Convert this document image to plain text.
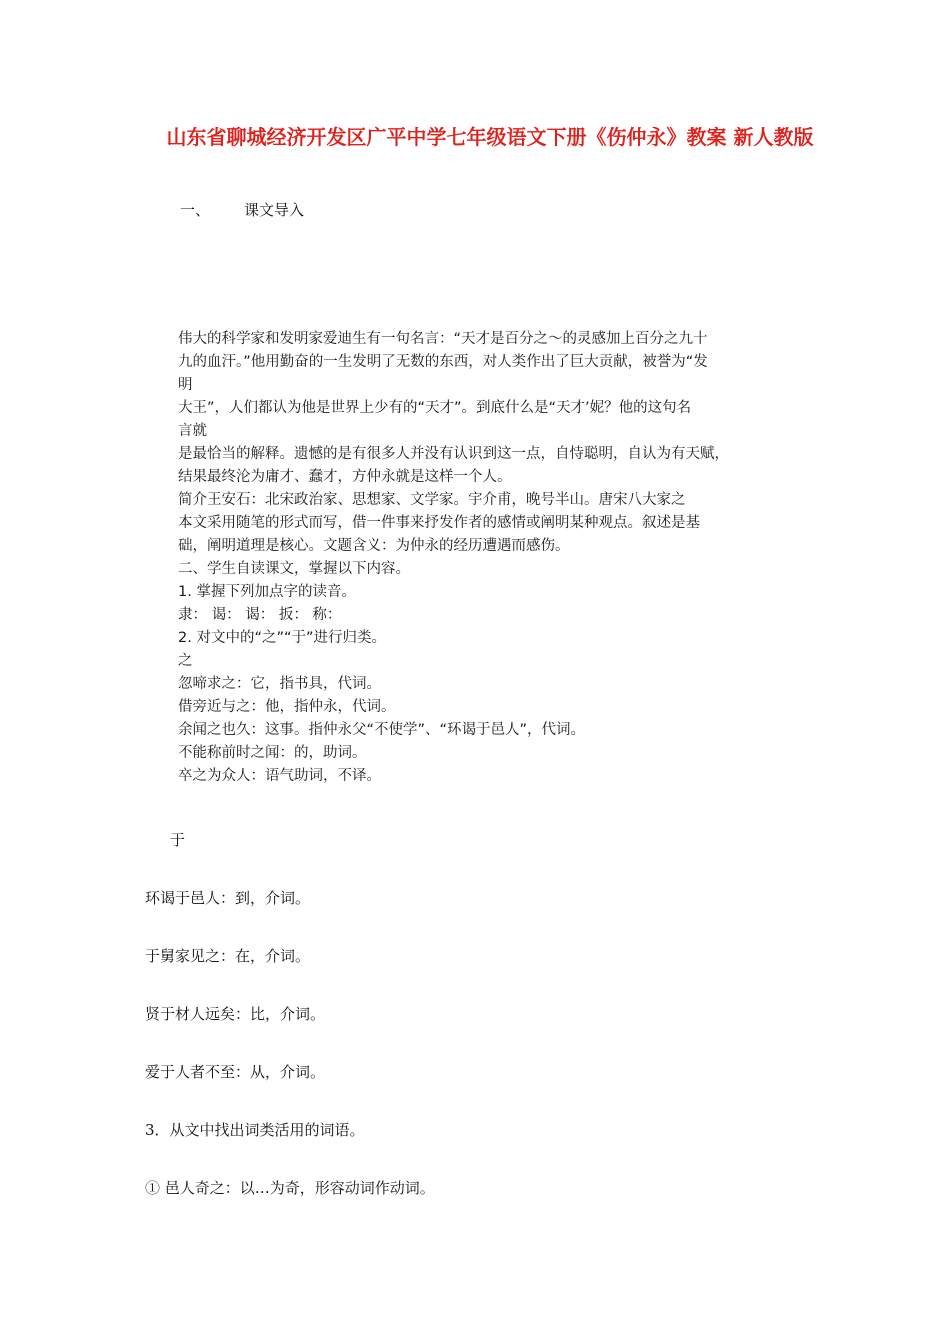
山东省聊城经济开发区广平中学七年级语文下册《伤仲永》教案 新人教版
一、 课文导入
伟大的科学家和发明家爱迪生有一句名言：“天才是百分之～的灵感加上百分之九十
九的血汗。”他用勤奋的一生发明了无数的东西，对人类作出了巨大贡献，被誉为“发
明
大王”，人们都认为他是世界上少有的“天才”。到底什么是“天才’妮？他的这句名
言就
是最恰当的解释。遗憾的是有很多人并没有认识到这一点，自恃聪明，自认为有天赋，
结果最终沦为庸才、蠢才，方仲永就是这样一个人。
简介王安石：北宋政治家、思想家、文学家。宇介甫，晚号半山。唐宋八大家之
本文采用随笔的形式而写，借一件事来抒发作者的感情或阐明某种观点。叙述是基
础，阐明道理是核心。文题含义：为仲永的经历遭遇而感伤。
二、学生自读课文，掌握以下内容。
1. 掌握下列加点字的读音。
隶： 谒： 谒： 扳： 称：
2. 对文中的“之”“于”进行归类。
之
忽啼求之：它，指书具，代词。
借旁近与之：他，指仲永，代词。
余闻之也久：这事。指仲永父“不使学”、“环谒于邑人”，代词。
不能称前时之闻：的，助词。
卒之为众人：语气助词，不译。
于
环谒于邑人：到，介词。
于舅家见之：在，介词。
贤于材人远矣：比，介词。
爱于人者不至：从，介词。
3．从文中找出词类活用的词语。
① 邑人奇之：以…为奇，形容动词作动词。
